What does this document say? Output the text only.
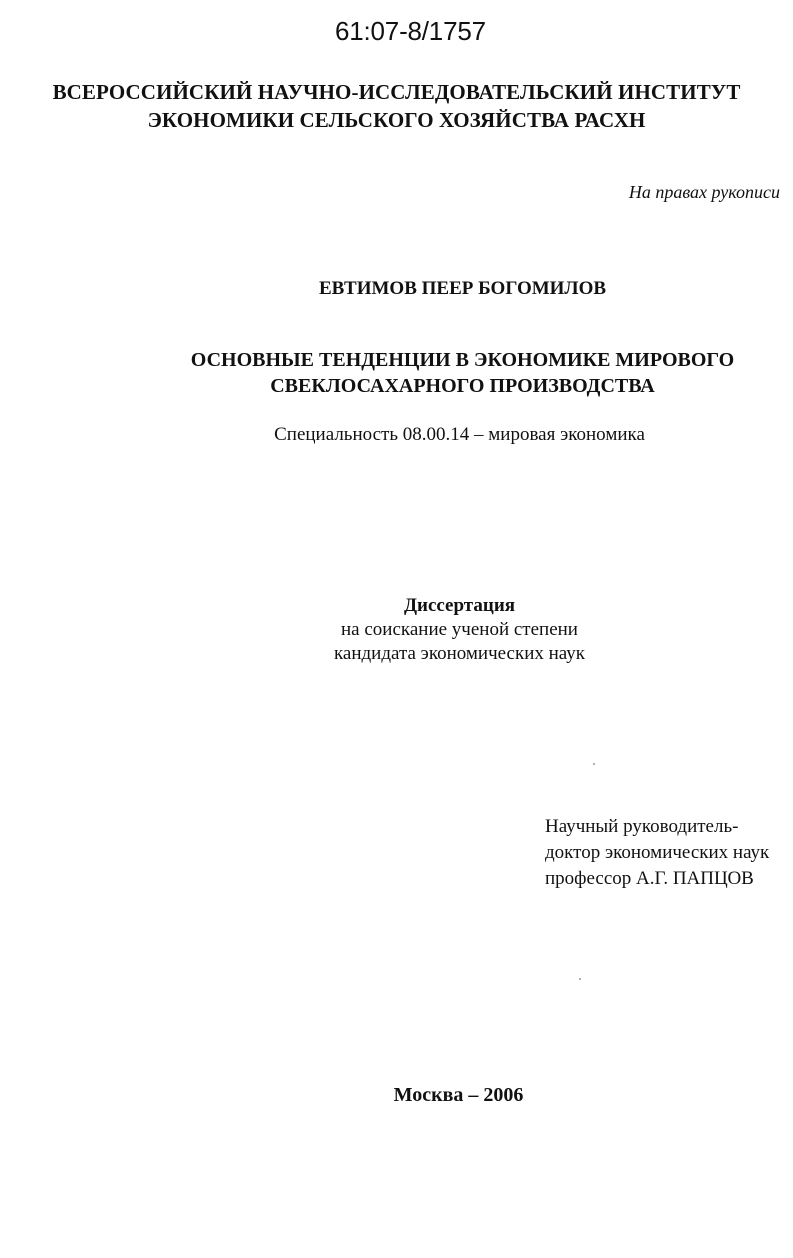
61:07-8/1757
ВСЕРОССИЙСКИЙ НАУЧНО-ИССЛЕДОВАТЕЛЬСКИЙ ИНСТИТУТ
ЭКОНОМИКИ СЕЛЬСКОГО ХОЗЯЙСТВА РАСХН
На правах рукописи
ЕВТИМОВ ПЕЕР БОГОМИЛОВ
ОСНОВНЫЕ ТЕНДЕНЦИИ В ЭКОНОМИКЕ МИРОВОГО
СВЕКЛОСАХАРНОГО ПРОИЗВОДСТВА
Специальность 08.00.14 – мировая экономика
Диссертация
на соискание ученой степени
кандидата экономических наук
Научный руководитель-
доктор экономических наук
профессор А.Г. ПАПЦОВ
Москва – 2006
